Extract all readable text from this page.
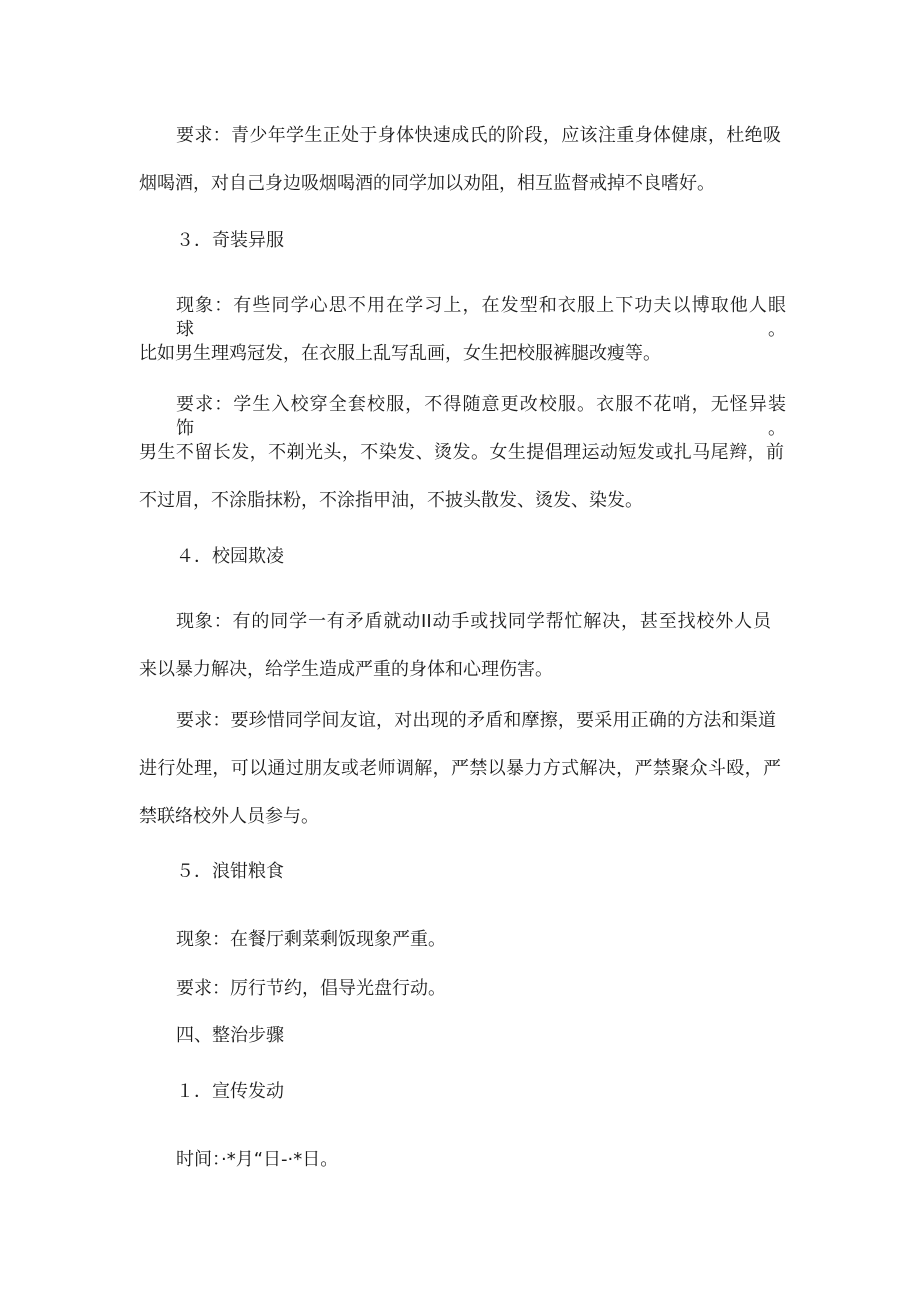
要求：青少年学生正处于身体快速成氏的阶段，应该注重身体健康，杜绝吸
烟喝酒，对自己身边吸烟喝酒的同学加以劝阻，相互监督戒掉不良嗜好。
３．奇装异服
现象：有些同学心思不用在学习上，在发型和衣服上下功夫以博取他人眼球。
比如男生理鸡冠发，在衣服上乱写乱画，女生把校服裤腿改瘦等。
要求：学生入校穿全套校服，不得随意更改校服。衣服不花哨，无怪异装饰。
男生不留长发，不剃光头，不染发、烫发。女生提倡理运动短发或扎马尾辫，前
不过眉，不涂脂抹粉，不涂指甲油，不披头散发、烫发、染发。
４．校园欺凌
现象：有的同学一有矛盾就动II动手或找同学帮忙解决，甚至找校外人员
来以暴力解决，给学生造成严重的身体和心理伤害。
要求：要珍惜同学间友谊，对出现的矛盾和摩擦，要采用正确的方法和渠道
进行处理，可以通过朋友或老师调解，严禁以暴力方式解决，严禁聚众斗殴，严
禁联络校外人员参与。
５．浪钳粮食
现象：在餐厅剩菜剩饭现象严重。
要求：厉行节约，倡导光盘行动。
四、整治步骤
１．宣传发动
时间：·*月“日-·*日。
